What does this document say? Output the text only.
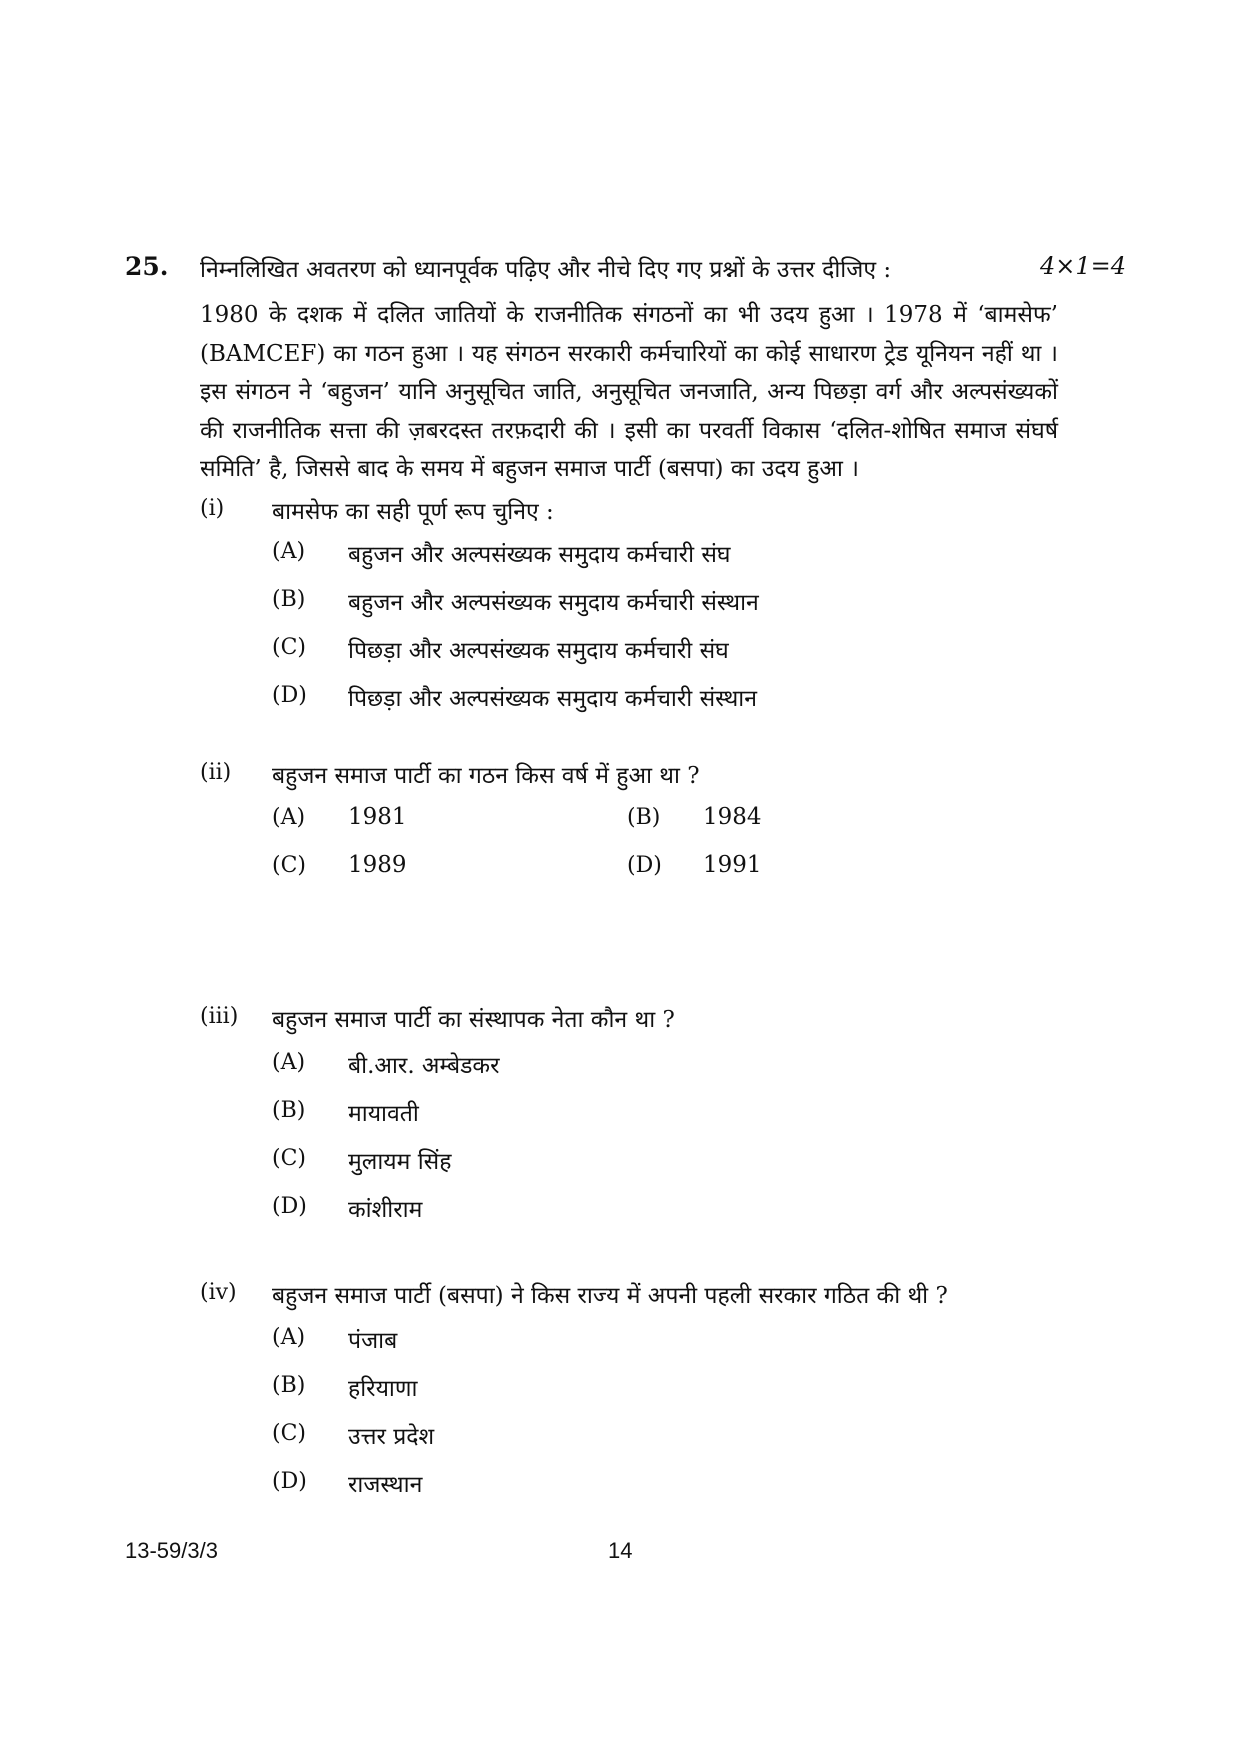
25. निम्नलिखित अवतरण को ध्यानपूर्वक पढ़िए और नीचे दिए गए प्रश्नों के उत्तर दीजिए :	4×1=4

1980 के दशक में दलित जातियों के राजनीतिक संगठनों का भी उदय हुआ । 1978 में ‘बामसेफ’ (BAMCEF) का गठन हुआ । यह संगठन सरकारी कर्मचारियों का कोई साधारण ट्रेड यूनियन नहीं था । इस संगठन ने ‘बहुजन’ यानि अनुसूचित जाति, अनुसूचित जनजाति, अन्य पिछड़ा वर्ग और अल्पसंख्यकों की राजनीतिक सत्ता की ज़बरदस्त तरफ़दारी की । इसी का परवर्ती विकास ‘दलित-शोषित समाज संघर्ष समिति’ है, जिससे बाद के समय में बहुजन समाज पार्टी (बसपा) का उदय हुआ ।

(i) बामसेफ का सही पूर्ण रूप चुनिए :
(A) बहुजन और अल्पसंख्यक समुदाय कर्मचारी संघ
(B) बहुजन और अल्पसंख्यक समुदाय कर्मचारी संस्थान
(C) पिछड़ा और अल्पसंख्यक समुदाय कर्मचारी संघ
(D) पिछड़ा और अल्पसंख्यक समुदाय कर्मचारी संस्थान
(ii) बहुजन समाज पार्टी का गठन किस वर्ष में हुआ था ?
(A) 1981	(B) 1984
(C) 1989	(D) 1991
(iii) बहुजन समाज पार्टी का संस्थापक नेता कौन था ?
(A) बी.आर. अम्बेडकर
(B) मायावती
(C) मुलायम सिंह
(D) कांशीराम
(iv) बहुजन समाज पार्टी (बसपा) ने किस राज्य में अपनी पहली सरकार गठित की थी ?
(A) पंजाब
(B) हरियाणा
(C) उत्तर प्रदेश
(D) राजस्थान
13-59/3/3	14
